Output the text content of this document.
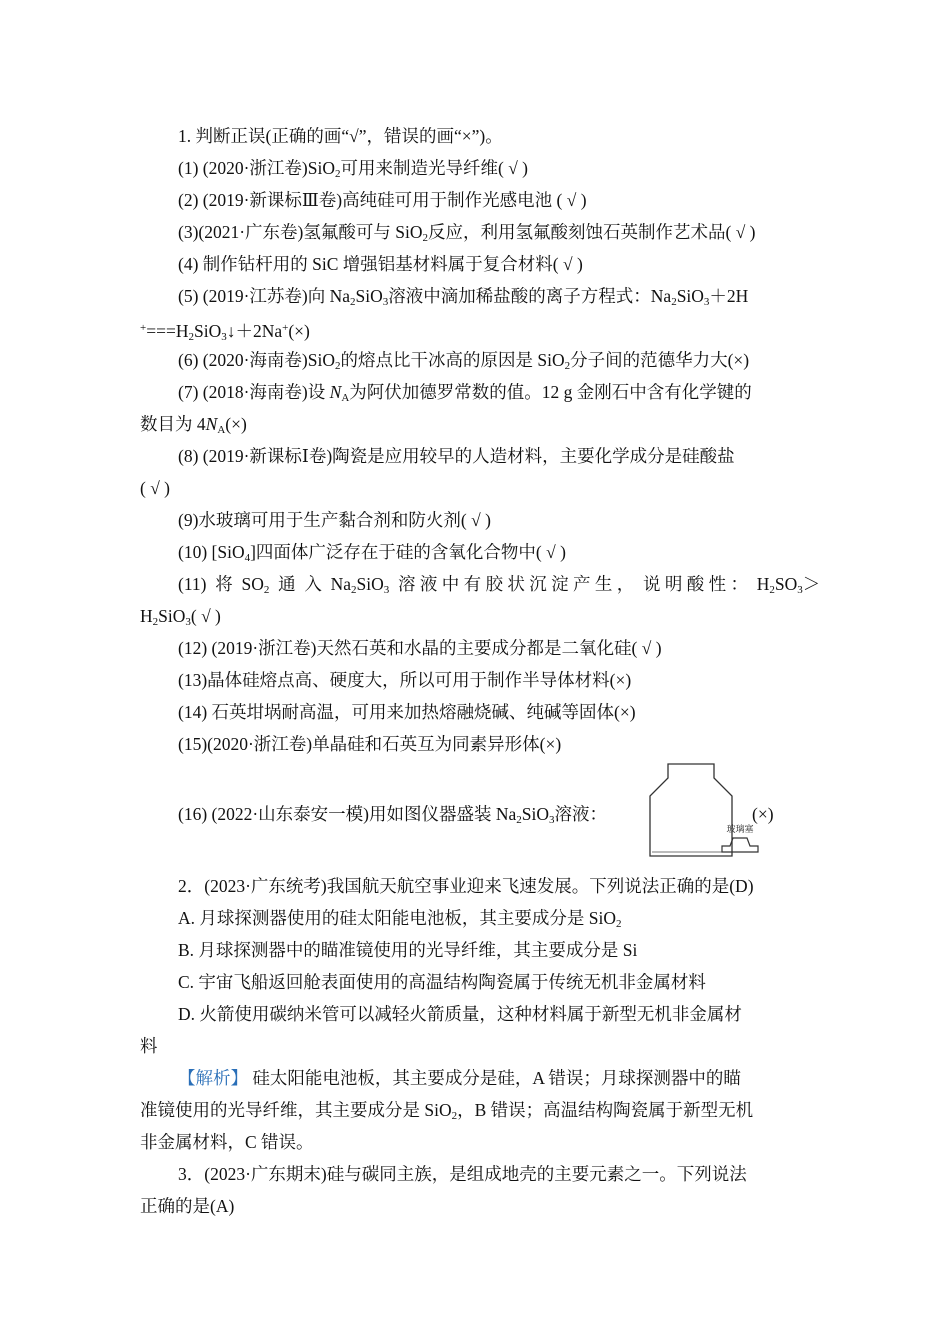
1. 判断正误(正确的画“√”，错误的画“×”)。
(1) (2020·浙江卷)SiO$_2$可用来制造光导纤维( √ )
(2) (2019·新课标Ⅲ卷)高纯硅可用于制作光感电池 ( √ )
(3)(2021·广东卷)氢氟酸可与 SiO$_2$反应，利用氢氟酸刻蚀石英制作艺术品( √ )
(4) 制作钻杆用的 SiC 增强铝基材料属于复合材料( √ )
(5) (2019·江苏卷)向 $Na_2SiO_3$溶液中滴加稀盐酸的离子方程式：$Na_2SiO_3+2H$
$^+===H_2SiO_3↓+2Na^+(\times)$
(6) (2020·海南卷)SiO$_2$的熔点比干冰高的原因是 SiO$_2$分子间的范德华力大(×)
(7) (2018·海南卷)设 $N_A$为阿伏加德罗常数的值。12 g 金刚石中含有化学键的
数目为 $4N_A(\times)$
(8) (2019·新课标Ⅰ卷)陶瓷是应用较早的人造材料，主要化学成分是硅酸盐
( √ )
(9)水玻璃可用于生产黏合剂和防火剂( √ )
(10) [SiO$_4$]四面体广泛存在于硅的含氧化合物中( √ )
(11)  将  $SO_2$  通  入  $Na_2SiO_3$  溶 液 中 有 胶 状 沉 淀 产 生 ，  说 明 酸 性 ：  $H_2SO_3>$
$H_2SiO_3$( √ )
(12) (2019·浙江卷)天然石英和水晶的主要成分都是二氧化硅( √ )
(13)晶体硅熔点高、硬度大，所以可用于制作半导体材料(×)
(14) 石英坩埚耐高温，可用来加热熔融烧碱、纯碱等固体(×)
(15)(2020·浙江卷)单晶硅和石英互为同素异形体(×)
(16) (2022·山东泰安一模)用如图仪器盛装 $Na_2SiO_3$溶液：	(×)
玻璃塞
2．(2023·广东统考)我国航天航空事业迎来飞速发展。下列说法正确的是(D)
A. 月球探测器使用的硅太阳能电池板，其主要成分是 SiO$_2$
B. 月球探测器中的瞄准镜使用的光导纤维，其主要成分是 Si
C. 宇宙飞船返回舱表面使用的高温结构陶瓷属于传统无机非金属材料
D. 火箭使用碳纳米管可以减轻火箭质量，这种材料属于新型无机非金属材
料
【解析】 硅太阳能电池板，其主要成分是硅，A 错误；月球探测器中的瞄
准镜使用的光导纤维，其主要成分是 SiO$_2$，B 错误；高温结构陶瓷属于新型无机
非金属材料，C 错误。
3．(2023·广东期末)硅与碳同主族，是组成地壳的主要元素之一。下列说法
正确的是(A)
